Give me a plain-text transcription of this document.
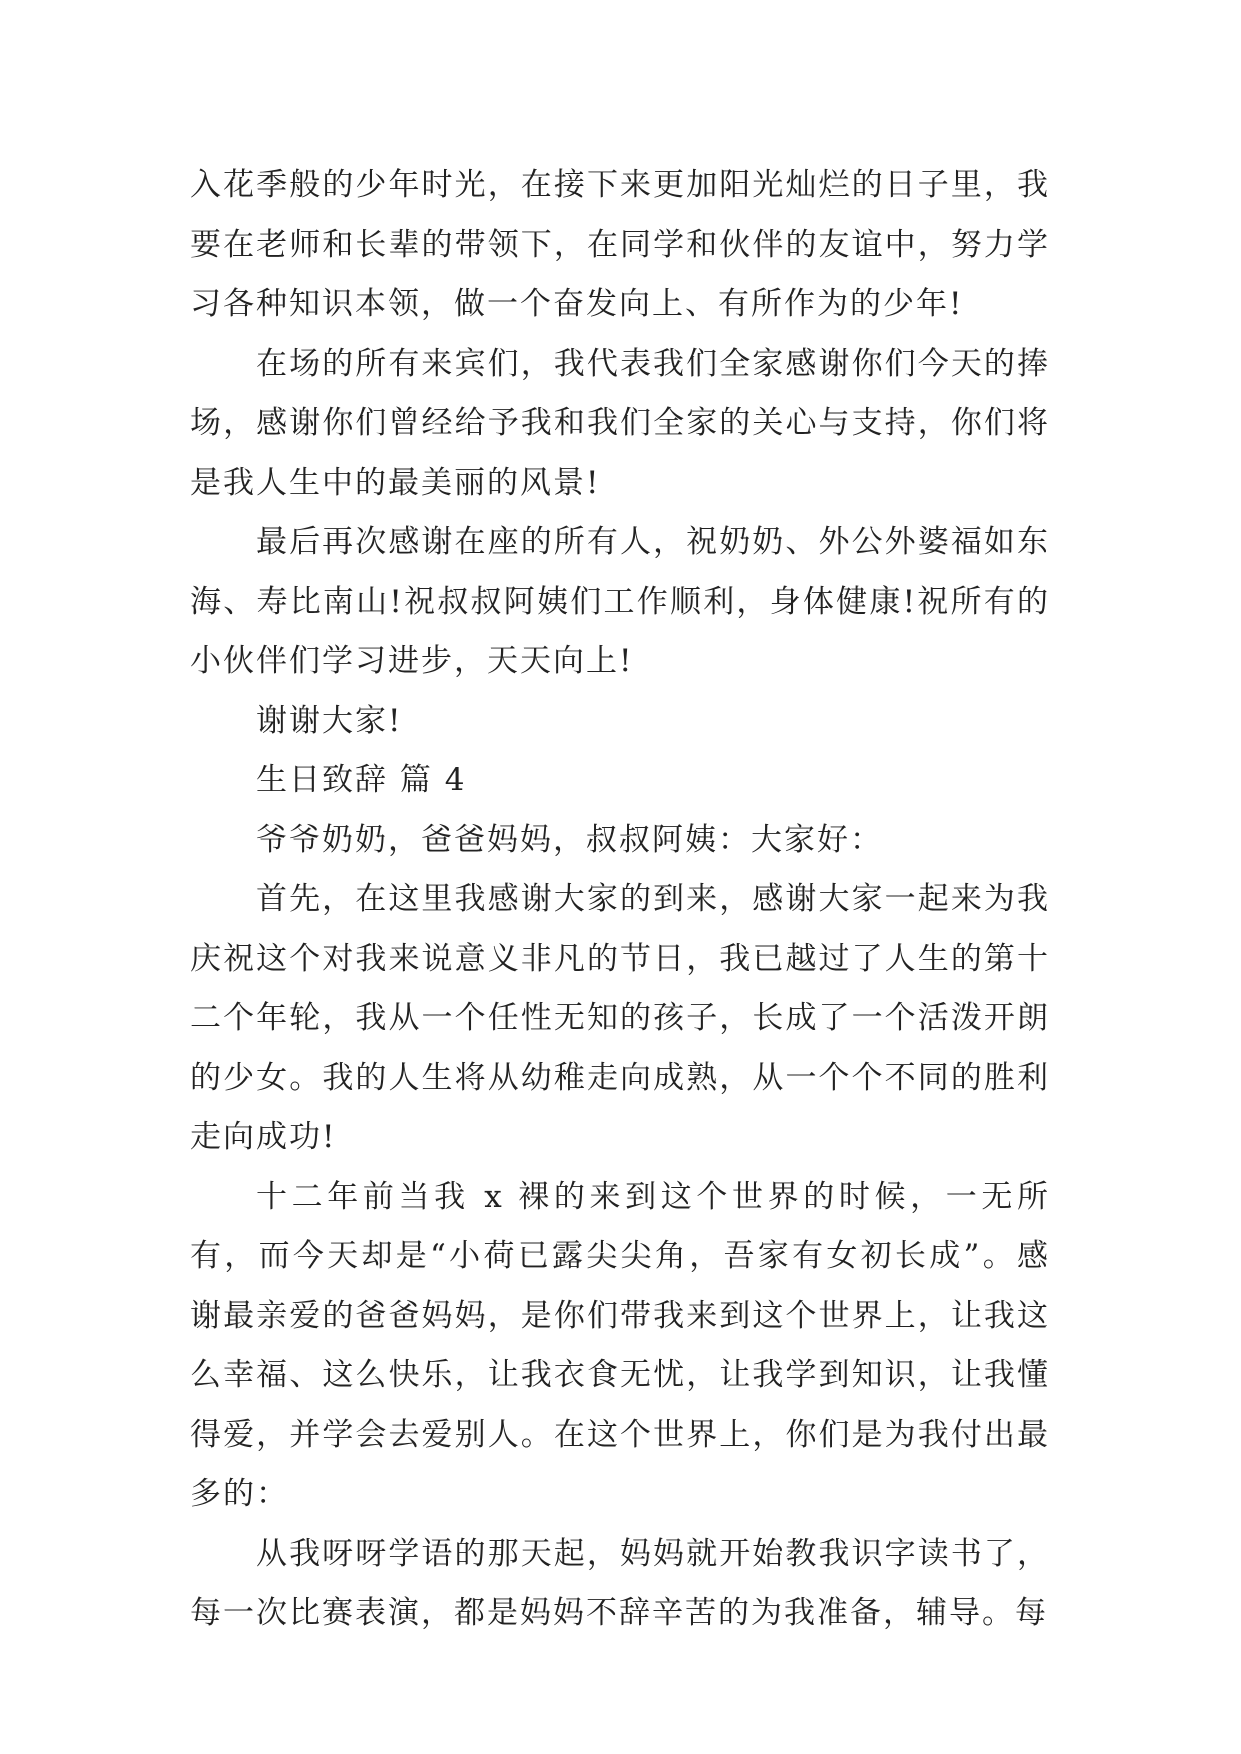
入花季般的少年时光，在接下来更加阳光灿烂的日子里，我要在老师和长辈的带领下，在同学和伙伴的友谊中，努力学习各种知识本领，做一个奋发向上、有所作为的少年!

在场的所有来宾们，我代表我们全家感谢你们今天的捧场，感谢你们曾经给予我和我们全家的关心与支持，你们将是我人生中的最美丽的风景!

最后再次感谢在座的所有人，祝奶奶、外公外婆福如东海、寿比南山!祝叔叔阿姨们工作顺利，身体健康!祝所有的小伙伴们学习进步，天天向上!

谢谢大家!

生日致辞 篇 4

爷爷奶奶，爸爸妈妈，叔叔阿姨：大家好：

首先，在这里我感谢大家的到来，感谢大家一起来为我庆祝这个对我来说意义非凡的节日，我已越过了人生的第十二个年轮，我从一个任性无知的孩子，长成了一个活泼开朗的少女。我的人生将从幼稚走向成熟，从一个个不同的胜利走向成功!

十二年前当我 x 裸的来到这个世界的时候，一无所有，而今天却是“小荷已露尖尖角，吾家有女初长成”。感谢最亲爱的爸爸妈妈，是你们带我来到这个世界上，让我这么幸福、这么快乐，让我衣食无忧，让我学到知识，让我懂得爱，并学会去爱别人。在这个世界上，你们是为我付出最多的：

从我呀呀学语的那天起，妈妈就开始教我识字读书了，每一次比赛表演，都是妈妈不辞辛苦的为我准备，辅导。每
